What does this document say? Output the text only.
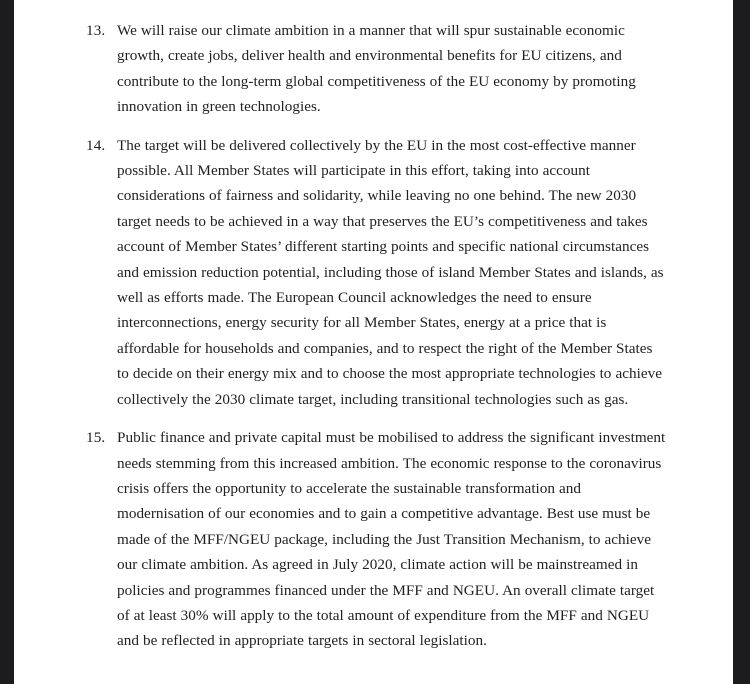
13. We will raise our climate ambition in a manner that will spur sustainable economic growth, create jobs, deliver health and environmental benefits for EU citizens, and contribute to the long-term global competitiveness of the EU economy by promoting innovation in green technologies.
14. The target will be delivered collectively by the EU in the most cost-effective manner possible. All Member States will participate in this effort, taking into account considerations of fairness and solidarity, while leaving no one behind. The new 2030 target needs to be achieved in a way that preserves the EU’s competitiveness and takes account of Member States’ different starting points and specific national circumstances and emission reduction potential, including those of island Member States and islands, as well as efforts made. The European Council acknowledges the need to ensure interconnections, energy security for all Member States, energy at a price that is affordable for households and companies, and to respect the right of the Member States to decide on their energy mix and to choose the most appropriate technologies to achieve collectively the 2030 climate target, including transitional technologies such as gas.
15. Public finance and private capital must be mobilised to address the significant investment needs stemming from this increased ambition. The economic response to the coronavirus crisis offers the opportunity to accelerate the sustainable transformation and modernisation of our economies and to gain a competitive advantage. Best use must be made of the MFF/NGEU package, including the Just Transition Mechanism, to achieve our climate ambition. As agreed in July 2020, climate action will be mainstreamed in policies and programmes financed under the MFF and NGEU. An overall climate target of at least 30% will apply to the total amount of expenditure from the MFF and NGEU and be reflected in appropriate targets in sectoral legislation.
